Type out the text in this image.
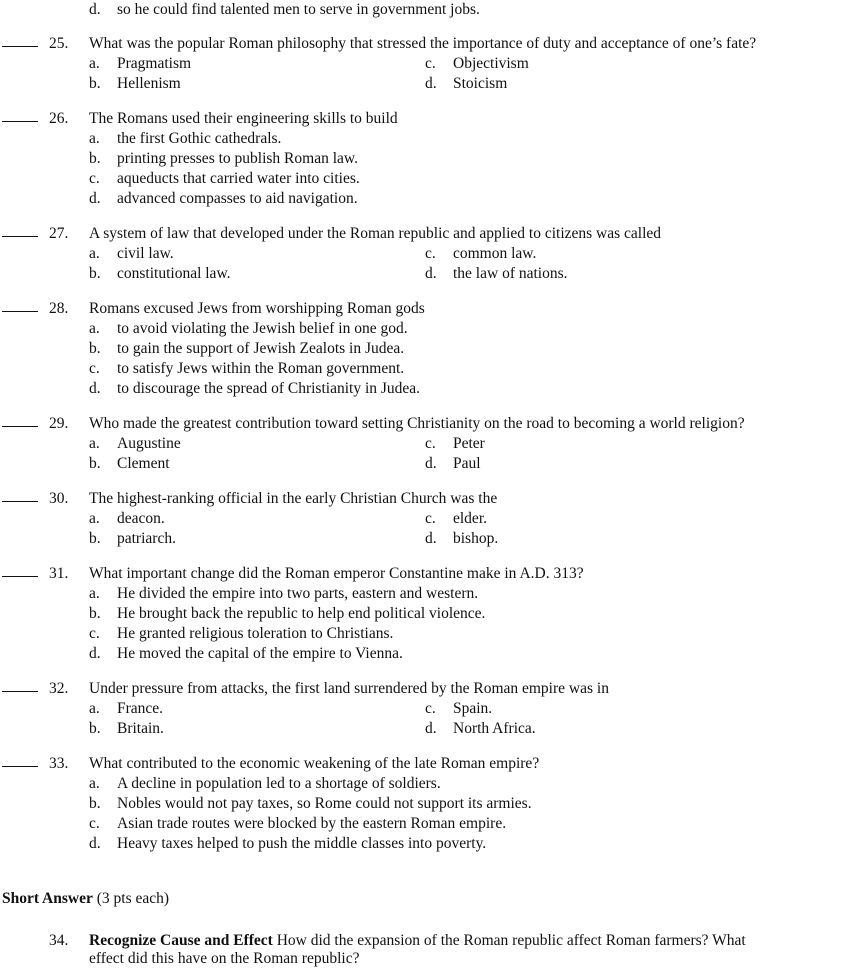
d. so he could find talented men to serve in government jobs.
25. What was the popular Roman philosophy that stressed the importance of duty and acceptance of one’s fate?
a. Pragmatism	c. Objectivism
b. Hellenism	d. Stoicism
26. The Romans used their engineering skills to build
a. the first Gothic cathedrals.
b. printing presses to publish Roman law.
c. aqueducts that carried water into cities.
d. advanced compasses to aid navigation.
27. A system of law that developed under the Roman republic and applied to citizens was called
a. civil law.	c. common law.
b. constitutional law.	d. the law of nations.
28. Romans excused Jews from worshipping Roman gods
a. to avoid violating the Jewish belief in one god.
b. to gain the support of Jewish Zealots in Judea.
c. to satisfy Jews within the Roman government.
d. to discourage the spread of Christianity in Judea.
29. Who made the greatest contribution toward setting Christianity on the road to becoming a world religion?
a. Augustine	c. Peter
b. Clement	d. Paul
30. The highest-ranking official in the early Christian Church was the
a. deacon.	c. elder.
b. patriarch.	d. bishop.
31. What important change did the Roman emperor Constantine make in A.D. 313?
a. He divided the empire into two parts, eastern and western.
b. He brought back the republic to help end political violence.
c. He granted religious toleration to Christians.
d. He moved the capital of the empire to Vienna.
32. Under pressure from attacks, the first land surrendered by the Roman empire was in
a. France.	c. Spain.
b. Britain.	d. North Africa.
33. What contributed to the economic weakening of the late Roman empire?
a. A decline in population led to a shortage of soldiers.
b. Nobles would not pay taxes, so Rome could not support its armies.
c. Asian trade routes were blocked by the eastern Roman empire.
d. Heavy taxes helped to push the middle classes into poverty.
Short Answer (3 pts each)
34. Recognize Cause and Effect How did the expansion of the Roman republic affect Roman farmers? What
effect did this have on the Roman republic?
